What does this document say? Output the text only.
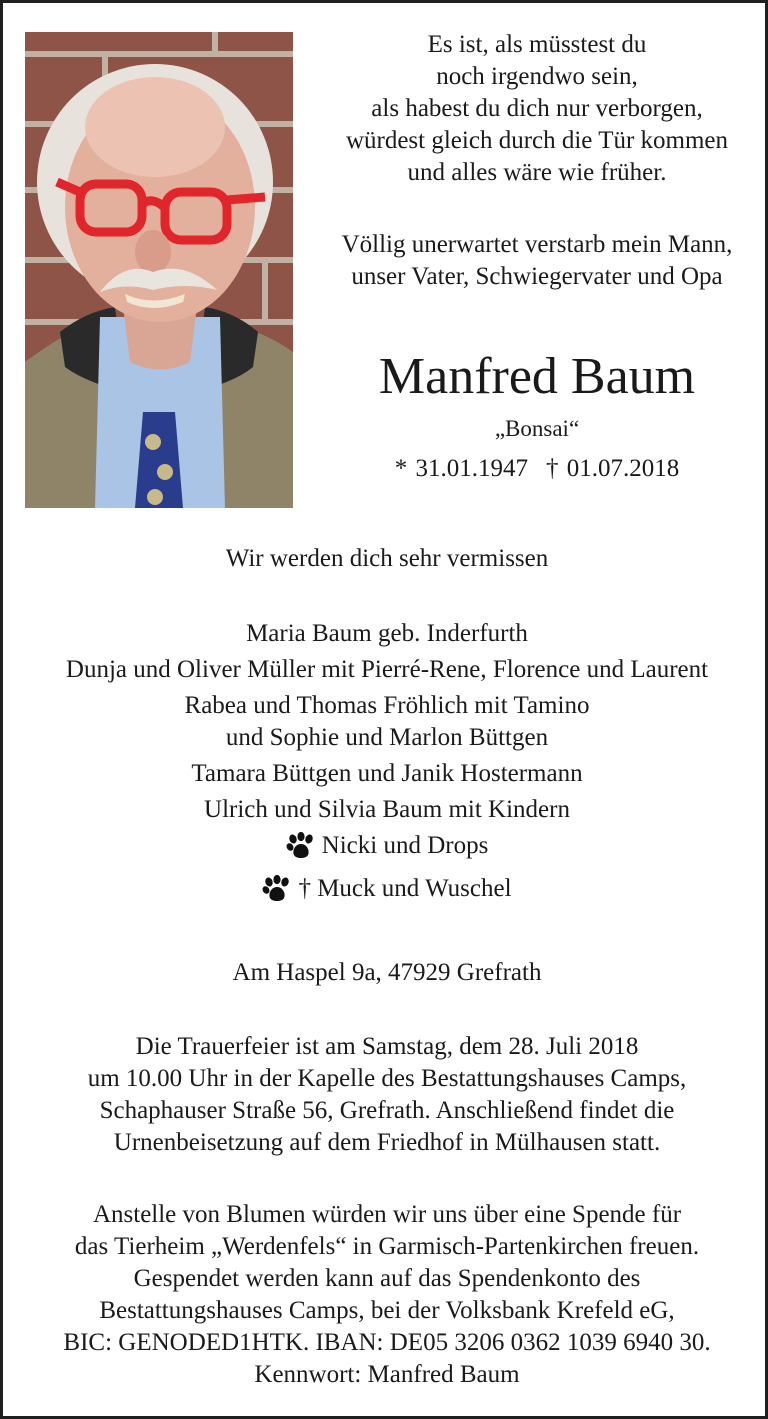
Es ist, als müsstest du

noch irgendwo sein,

als habest du dich nur verborgen,

würdest gleich durch die Tür kommen

und alles wäre wie früher.

Völlig unerwartet verstarb mein Mann,

unser Vater, Schwiegervater und Opa

Manfred Baum
„Bonsai“
* 31.01.1947 † 01.07.2018

Wir werden dich sehr vermissen

Maria Baum geb. Inderfurth

Dunja und Oliver Müller mit Pierré-Rene, Florence und Laurent

Rabea und Thomas Fröhlich mit Tamino

und Sophie und Marlon Büttgen

Tamara Büttgen und Janik Hostermann

Ulrich und Silvia Baum mit Kindern

Nicki und Drops

† Muck und Wuschel

Am Haspel 9a, 47929 Grefrath

Die Trauerfeier ist am Samstag, dem 28. Juli 2018

um 10.00 Uhr in der Kapelle des Bestattungshauses Camps,

Schaphauser Straße 56, Grefrath. Anschließend findet die

Urnenbeisetzung auf dem Friedhof in Mülhausen statt.

Anstelle von Blumen würden wir uns über eine Spende für

das Tierheim „Werdenfels“ in Garmisch-Partenkirchen freuen.

Gespendet werden kann auf das Spendenkonto des

Bestattungshauses Camps, bei der Volksbank Krefeld eG,

BIC: GENODED1HTK. IBAN: DE05 3206 0362 1039 6940 30.

Kennwort: Manfred Baum
